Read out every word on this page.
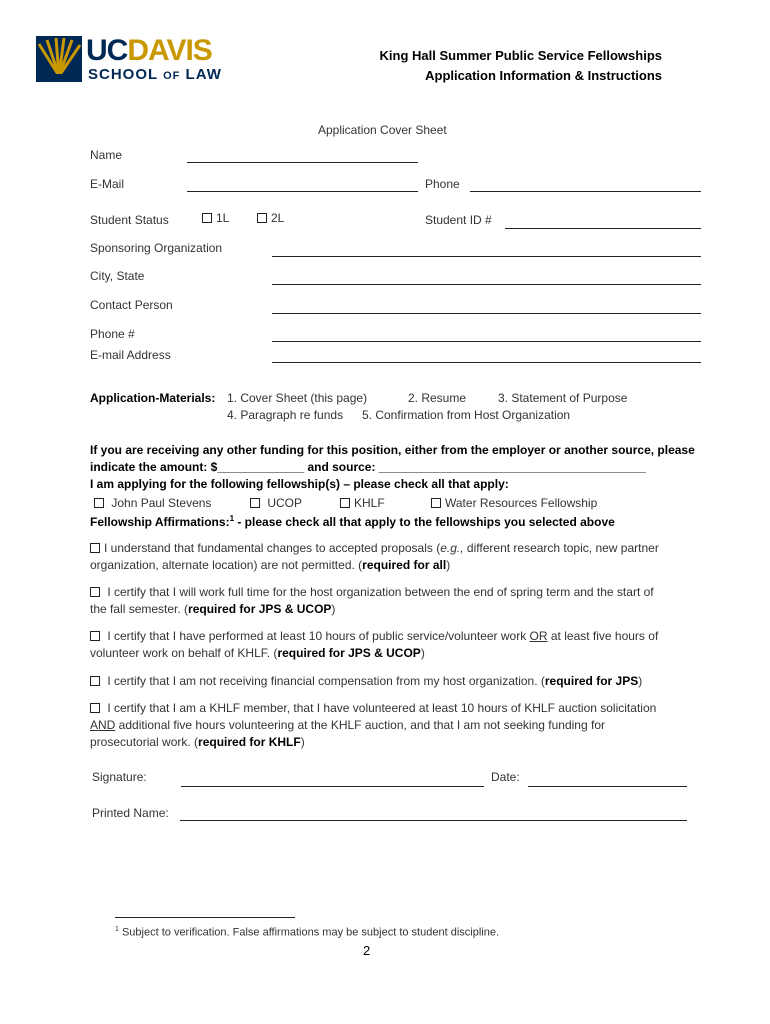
UCDAVIS
SCHOOL OF LAW
King Hall Summer Public Service Fellowships
Application Information & Instructions
Application Cover Sheet
Name
E-Mail	Phone
Student Status	1L	2L	Student ID #
Sponsoring Organization
City, State
Contact Person
Phone #
E-mail Address
Application-Materials: 1. Cover Sheet (this page)	2. Resume	3. Statement of Purpose
4. Paragraph re funds 5. Confirmation from Host Organization
If you are receiving any other funding for this position, either from the employer or another source, please
indicate the amount: $_____________ and source: ________________________________________
I am applying for the following fellowship(s) – please check all that apply:
John Paul Stevens	UCOP	KHLF	Water Resources Fellowship
Fellowship Affirmations:$^1$ - please check all that apply to the fellowships you selected above
I understand that fundamental changes to accepted proposals (e.g., different research topic, new partner
organization, alternate location) are not permitted. (required for all)
I certify that I will work full time for the host organization between the end of spring term and the start of
the fall semester. (required for JPS & UCOP)
I certify that I have performed at least 10 hours of public service/volunteer work OR at least five hours of
volunteer work on behalf of KHLF. (required for JPS & UCOP)
I certify that I am not receiving financial compensation from my host organization. (required for JPS)
I certify that I am a KHLF member, that I have volunteered at least 10 hours of KHLF auction solicitation
AND additional five hours volunteering at the KHLF auction, and that I am not seeking funding for
prosecutorial work. (required for KHLF)
Signature:	Date:
Printed Name:
$^1$ Subject to verification. False affirmations may be subject to student discipline.
2
